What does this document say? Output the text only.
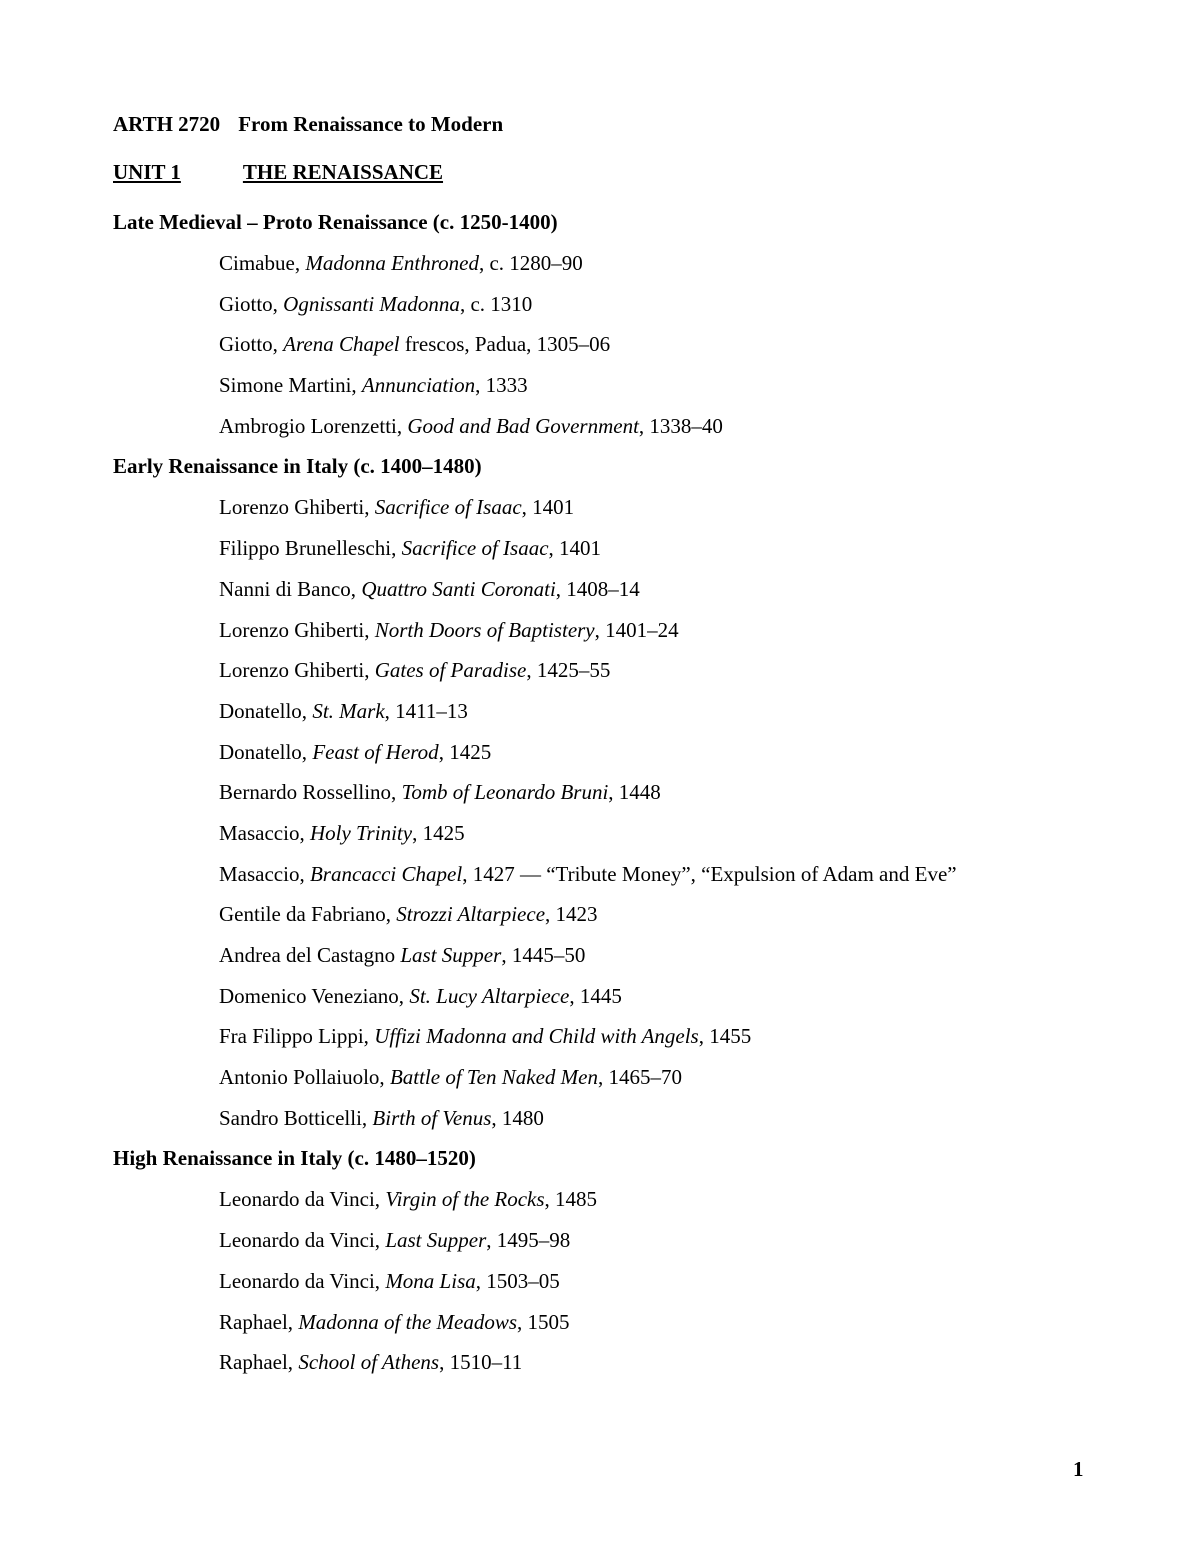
ARTH 2720 From Renaissance to Modern
UNIT 1	THE RENAISSANCE
Late Medieval – Proto Renaissance (c. 1250-1400)
Cimabue, Madonna Enthroned, c. 1280–90
Giotto, Ognissanti Madonna, c. 1310
Giotto, Arena Chapel frescos, Padua, 1305–06
Simone Martini, Annunciation, 1333
Ambrogio Lorenzetti, Good and Bad Government, 1338–40
Early Renaissance in Italy (c. 1400–1480)
Lorenzo Ghiberti, Sacrifice of Isaac, 1401
Filippo Brunelleschi, Sacrifice of Isaac, 1401
Nanni di Banco, Quattro Santi Coronati, 1408–14
Lorenzo Ghiberti, North Doors of Baptistery, 1401–24
Lorenzo Ghiberti, Gates of Paradise, 1425–55
Donatello, St. Mark, 1411–13
Donatello, Feast of Herod, 1425
Bernardo Rossellino, Tomb of Leonardo Bruni, 1448
Masaccio, Holy Trinity, 1425
Masaccio, Brancacci Chapel, 1427 — “Tribute Money”, “Expulsion of Adam and Eve”
Gentile da Fabriano, Strozzi Altarpiece, 1423
Andrea del Castagno Last Supper, 1445–50
Domenico Veneziano, St. Lucy Altarpiece, 1445
Fra Filippo Lippi, Uffizi Madonna and Child with Angels, 1455
Antonio Pollaiuolo, Battle of Ten Naked Men, 1465–70
Sandro Botticelli, Birth of Venus, 1480
High Renaissance in Italy (c. 1480–1520)
Leonardo da Vinci, Virgin of the Rocks, 1485
Leonardo da Vinci, Last Supper, 1495–98
Leonardo da Vinci, Mona Lisa, 1503–05
Raphael, Madonna of the Meadows, 1505
Raphael, School of Athens, 1510–11
1
